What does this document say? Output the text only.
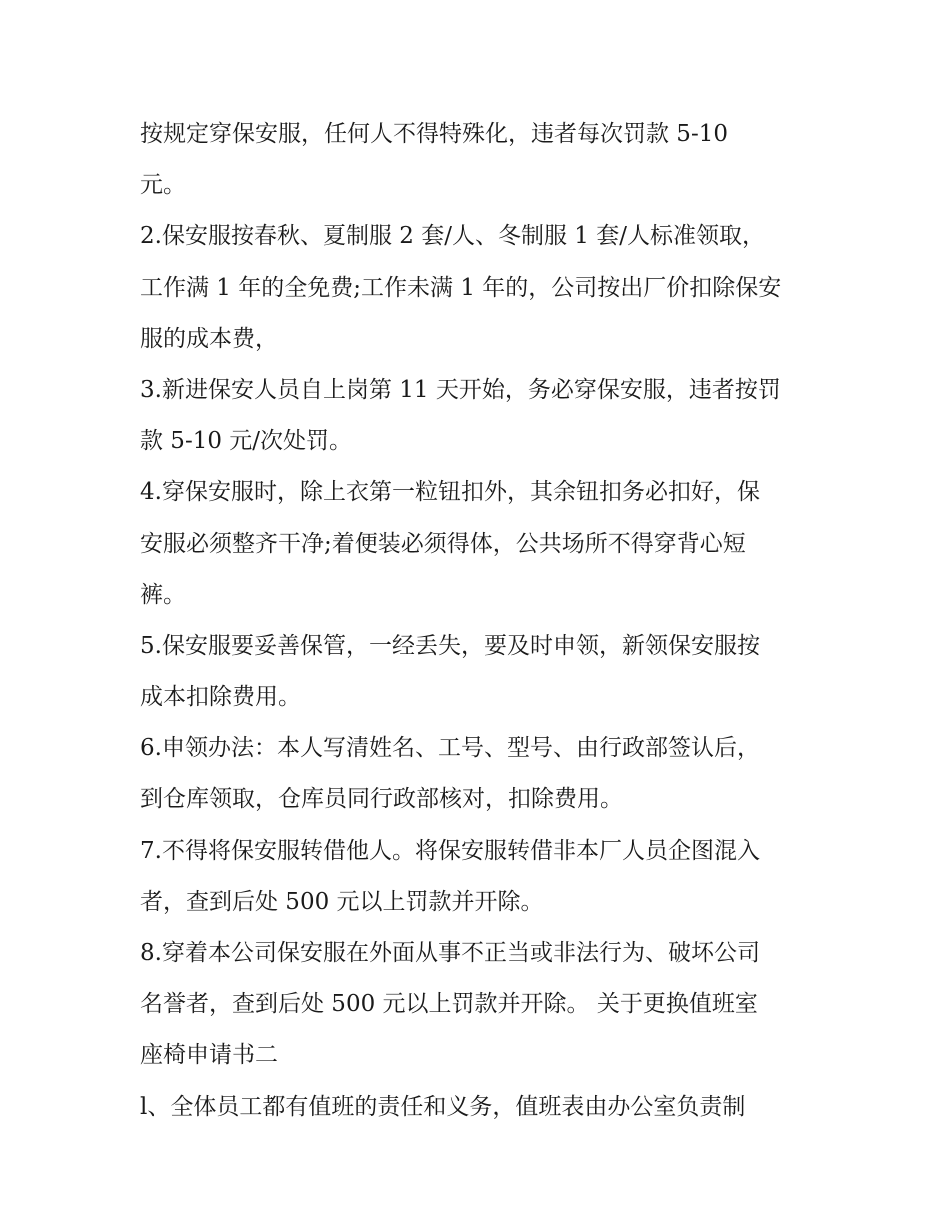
按规定穿保安服，任何人不得特殊化，违者每次罚款 5-10
元。
2.保安服按春秋、夏制服 2 套/人、冬制服 1 套/人标准领取，
工作满 1 年的全免费;工作未满 1 年的，公司按出厂价扣除保安
服的成本费，
3.新进保安人员自上岗第 11 天开始，务必穿保安服，违者按罚
款 5-10 元/次处罚。
4.穿保安服时，除上衣第一粒钮扣外，其余钮扣务必扣好，保
安服必须整齐干净;着便装必须得体，公共场所不得穿背心短
裤。
5.保安服要妥善保管，一经丢失，要及时申领，新领保安服按
成本扣除费用。
6.申领办法：本人写清姓名、工号、型号、由行政部签认后，
到仓库领取，仓库员同行政部核对，扣除费用。
7.不得将保安服转借他人。将保安服转借非本厂人员企图混入
者，查到后处 500 元以上罚款并开除。
8.穿着本公司保安服在外面从事不正当或非法行为、破坏公司
名誉者，查到后处 500 元以上罚款并开除。 关于更换值班室
座椅申请书二
l、全体员工都有值班的责任和义务，值班表由办公室负责制
